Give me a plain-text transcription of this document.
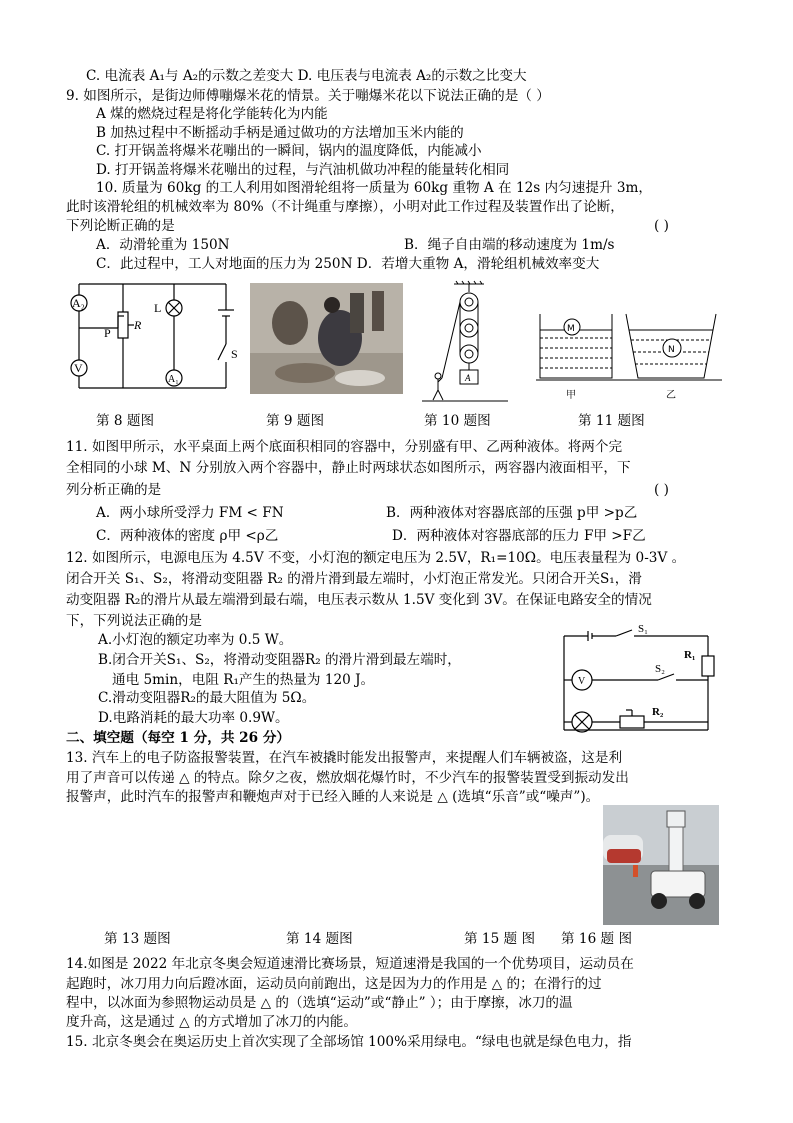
C. 电流表 A₁与 A₂的示数之差变大 D. 电压表与电流表 A₂的示数之比变大
9. 如图所示，是街边师傅嘣爆米花的情景。关于嘣爆米花以下说法正确的是（ ）
A 煤的燃烧过程是将化学能转化为内能
B 加热过程中不断摇动手柄是通过做功的方法增加玉米内能的
C. 打开锅盖将爆米花嘣出的一瞬间，锅内的温度降低，内能减小
D. 打开锅盖将爆米花嘣出的过程，与汽油机做功冲程的能量转化相同
10. 质量为 60kg 的工人利用如图滑轮组将一质量为 60kg 重物 A 在 12s 内匀速提升 3m，
此时该滑轮组的机械效率为 80%（不计绳重与摩擦），小明对此工作过程及装置作出了论断，
下列论断正确的是	( )
A．动滑轮重为 150N	B．绳子自由端的移动速度为 1m/s
C．此过程中，工人对地面的压力为 250N D．若增大重物 A，滑轮组机械效率变大
A₂
V
A₁
L
P
R
S
A
M
N
甲	乙
第 8 题图	第 9 题图	第 10 题图	第 11 题图
11. 如图甲所示，水平桌面上两个底面积相同的容器中，分别盛有甲、乙两种液体。将两个完
全相同的小球 M、N 分别放入两个容器中，静止时两球状态如图所示，两容器内液面相平，下
列分析正确的是	( )
A．两小球所受浮力 FM < FN	B．两种液体对容器底部的压强 p甲 >p乙
C．两种液体的密度 ρ甲 <ρ乙	D．两种液体对容器底部的压力 F甲 >F乙
12. 如图所示，电源电压为 4.5V 不变，小灯泡的额定电压为 2.5V，R₁=10Ω。电压表量程为 0-3V 。
闭合开关 S₁、S₂，将滑动变阻器 R₂ 的滑片滑到最左端时，小灯泡正常发光。只闭合开关S₁，滑
动变阻器 R₂的滑片从最左端滑到最右端，电压表示数从 1.5V 变化到 3V。在保证电路安全的情况
下，下列说法正确的是
A.小灯泡的额定功率为 0.5 W。
B.闭合开关S₁、S₂，将滑动变阻器R₂ 的滑片滑到最左端时，
通电 5min，电阻 R₁产生的热量为 120 J。
C.滑动变阻器R₂的最大阻值为 5Ω。
D.电路消耗的最大功率 0.9W。
S₁
S₂
R₁
R₂
V
二、填空题（每空 1 分，共 26 分）
13. 汽车上的电子防盗报警装置，在汽车被撬时能发出报警声，来提醒人们车辆被盗，这是利
用了声音可以传递 △ 的特点。除夕之夜，燃放烟花爆竹时，不少汽车的报警装置受到振动发出
报警声，此时汽车的报警声和鞭炮声对于已经入睡的人来说是 △ (选填“乐音”或“噪声”)。
第 13 题图	第 14 题图	第 15 题 图 第 16 题 图
14.如图是 2022 年北京冬奥会短道速滑比赛场景，短道速滑是我国的一个优势项目，运动员在
起跑时，冰刀用力向后蹬冰面，运动员向前跑出，这是因为力的作用是 △ 的；在滑行的过
程中，以冰面为参照物运动员是 △ 的（选填“运动”或“静止” ）；由于摩擦，冰刀的温
度升高，这是通过 △ 的方式增加了冰刀的内能。
15. 北京冬奥会在奥运历史上首次实现了全部场馆 100%采用绿电。“绿电也就是绿色电力，指
